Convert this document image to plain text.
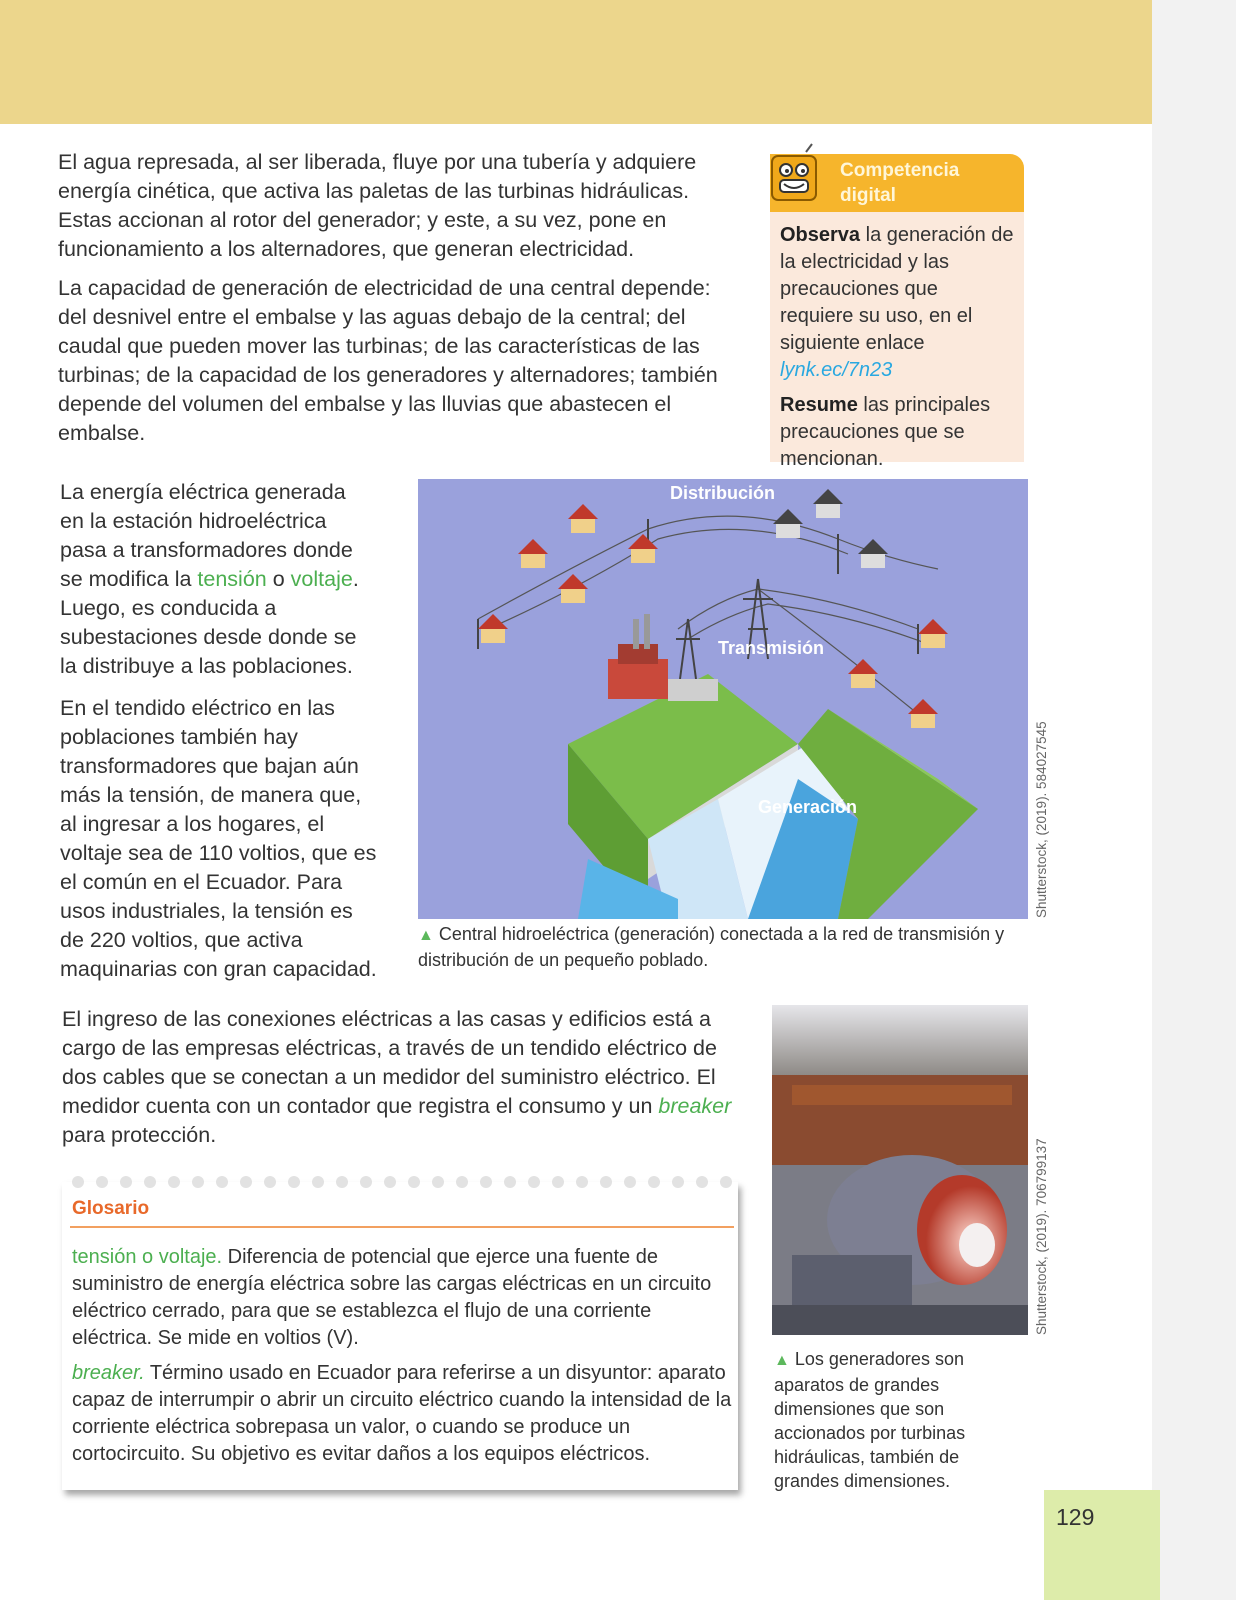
El agua represada, al ser liberada, fluye por una tubería y adquiere energía cinética, que activa las paletas de las turbinas hidráulicas. Estas accionan al rotor del generador; y este, a su vez, pone en funcionamiento a los alternadores, que generan electricidad.

La capacidad de generación de electricidad de una central depende: del desnivel entre el embalse y las aguas debajo de la central; del caudal que pueden mover las turbinas; de las características de las turbinas; de la capacidad de los generadores y alternadores; también depende del volumen del embalse y las lluvias que abastecen el embalse.

Competencia
digital

Observa la generación de la electricidad y las precauciones que requiere su uso, en el siguiente enlace lynk.ec/7n23

Resume las principales precauciones que se mencionan.

La energía eléctrica generada en la estación hidroeléctrica pasa a transformadores donde se modifica la tensión o voltaje. Luego, es conducida a subestaciones desde donde se la distribuye a las poblaciones.

En el tendido eléctrico en las poblaciones también hay transformadores que bajan aún más la tensión, de manera que, al ingresar a los hogares, el voltaje sea de 110 voltios, que es el común en el Ecuador. Para usos industriales, la tensión es de 220 voltios, que activa maquinarias con gran capacidad.

Distribución
Transmisión
Generación	Shutterstock, (2019). 584027545
▲ Central hidroeléctrica (generación) conectada a la red de transmisión y distribución de un pequeño poblado.

El ingreso de las conexiones eléctricas a las casas y edificios está a cargo de las empresas eléctricas, a través de un tendido eléctrico de dos cables que se conectan a un medidor del suministro eléctrico. El medidor cuenta con un contador que registra el consumo y un breaker para protección.

Shutterstock, (2019). 706799137
▲ Los generadores son aparatos de grandes dimensiones que son accionados por turbinas hidráulicas, también de grandes dimensiones.
Glosario

tensión o voltaje. Diferencia de potencial que ejerce una fuente de suministro de energía eléctrica sobre las cargas eléctricas en un circuito eléctrico cerrado, para que se establezca el flujo de una corriente eléctrica. Se mide en voltios (V).

breaker. Término usado en Ecuador para referirse a un disyuntor: aparato capaz de interrumpir o abrir un circuito eléctrico cuando la intensidad de la corriente eléctrica sobrepasa un valor, o cuando se produce un cortocircuito. Su objetivo es evitar daños a los equipos eléctricos.

129
